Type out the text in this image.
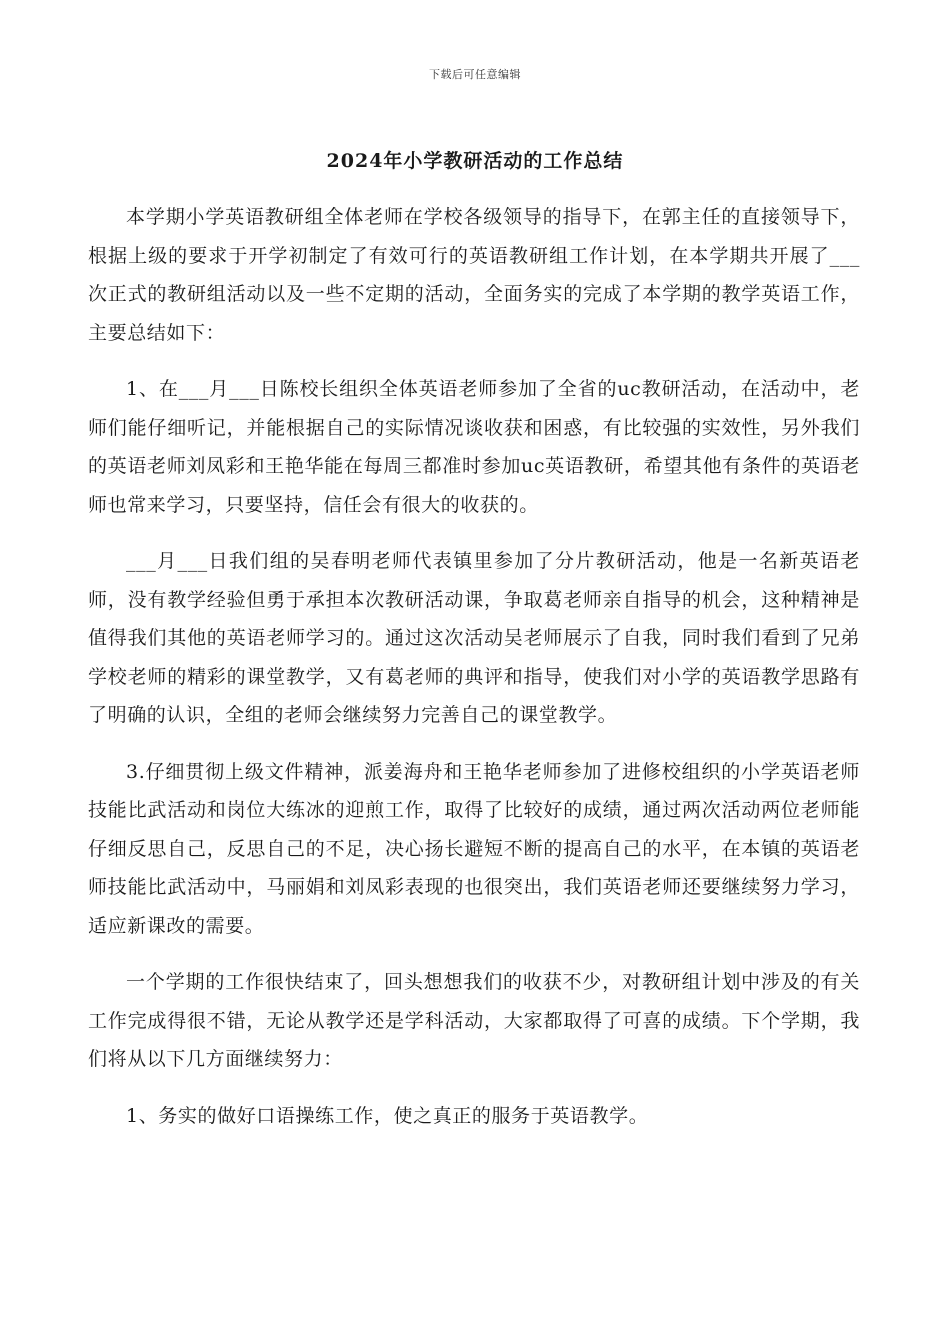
下载后可任意编辑
2024年小学教研活动的工作总结

本学期小学英语教研组全体老师在学校各级领导的指导下，在郭主任的直接领导下，根据上级的要求于开学初制定了有效可行的英语教研组工作计划，在本学期共开展了___次正式的教研组活动以及一些不定期的活动，全面务实的完成了本学期的教学英语工作，主要总结如下：

1、在___月___日陈校长组织全体英语老师参加了全省的uc教研活动，在活动中，老师们能仔细听记，并能根据自己的实际情况谈收获和困惑，有比较强的实效性，另外我们的英语老师刘凤彩和王艳华能在每周三都准时参加uc英语教研，希望其他有条件的英语老师也常来学习，只要坚持，信任会有很大的收获的。

___月___日我们组的吴春明老师代表镇里参加了分片教研活动，他是一名新英语老师，没有教学经验但勇于承担本次教研活动课，争取葛老师亲自指导的机会，这种精神是值得我们其他的英语老师学习的。通过这次活动吴老师展示了自我，同时我们看到了兄弟学校老师的精彩的课堂教学，又有葛老师的典评和指导，使我们对小学的英语教学思路有了明确的认识，全组的老师会继续努力完善自己的课堂教学。

3.仔细贯彻上级文件精神，派姜海舟和王艳华老师参加了进修校组织的小学英语老师技能比武活动和岗位大练冰的迎煎工作，取得了比较好的成绩，通过两次活动两位老师能仔细反思自己，反思自己的不足，决心扬长避短不断的提高自己的水平，在本镇的英语老师技能比武活动中，马丽娟和刘凤彩表现的也很突出，我们英语老师还要继续努力学习，适应新课改的需要。

一个学期的工作很快结束了，回头想想我们的收获不少，对教研组计划中涉及的有关工作完成得很不错，无论从教学还是学科活动，大家都取得了可喜的成绩。下个学期，我们将从以下几方面继续努力：

1、务实的做好口语操练工作，使之真正的服务于英语教学。
